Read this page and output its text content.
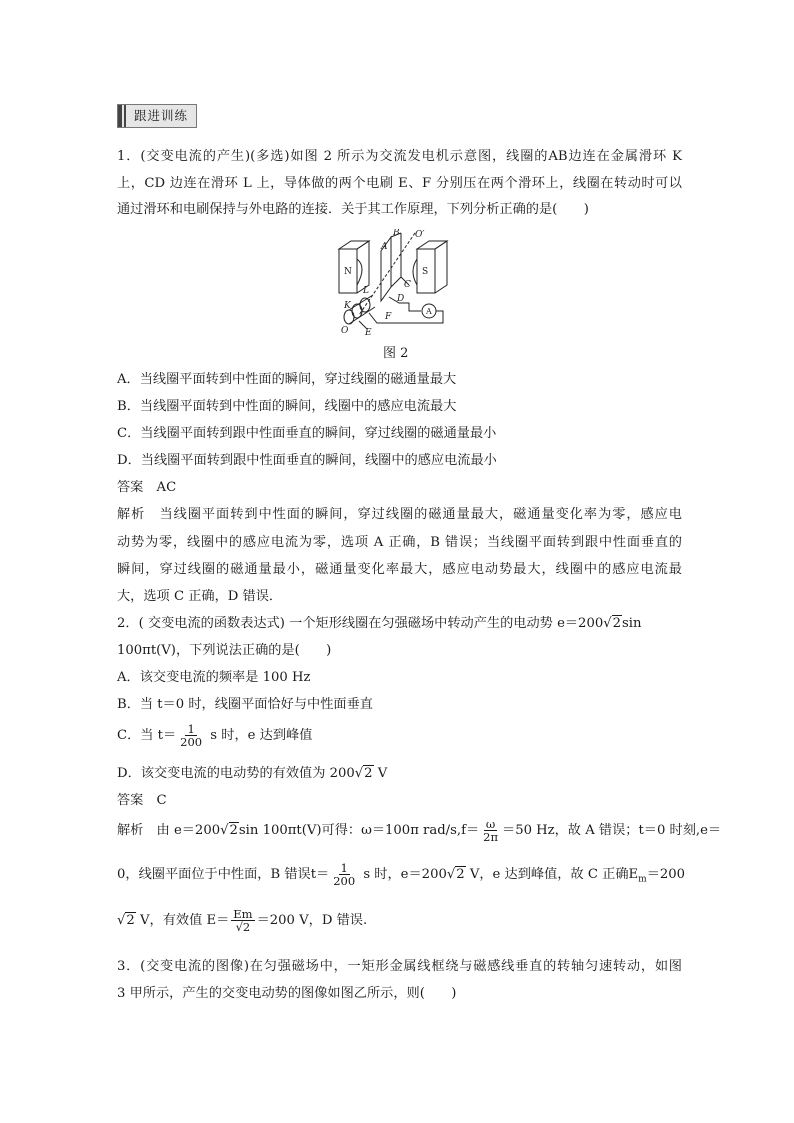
跟进训练
1．(交变电流的产生)(多选)如图 2 所示为交流发电机示意图，线圈的AB边连在金属滑环 K
上，CD 边连在滑环 L 上，导体做的两个电刷 E、F 分别压在两个滑环上，线圈在转动时可以
通过滑环和电刷保持与外电路的连接．关于其工作原理，下列分析正确的是(　　)
N	S
A
B
A
C
D
L
K
F
E
O
O′
图 2
A．当线圈平面转到中性面的瞬间，穿过线圈的磁通量最大
B．当线圈平面转到中性面的瞬间，线圈中的感应电流最大
C．当线圈平面转到跟中性面垂直的瞬间，穿过线圈的磁通量最小
D．当线圈平面转到跟中性面垂直的瞬间，线圈中的感应电流最小
答案　AC
解析　当线圈平面转到中性面的瞬间，穿过线圈的磁通量最大，磁通量变化率为零，感应电
动势为零，线圈中的感应电流为零，选项 A 正确，B 错误；当线圈平面转到跟中性面垂直的
瞬间，穿过线圈的磁通量最小，磁通量变化率最大，感应电动势最大，线圈中的感应电流最
大，选项 C 正确，D 错误．
2．( 交变电流的函数表达式) 一个矩形线圈在匀强磁场中转动产生的电动势 e＝200√2sin
100πt(V)，下列说法正确的是(　　)
A．该交变电流的频率是 100 Hz
B．当 t＝0 时，线圈平面恰好与中性面垂直
C．当 $t= \frac{1}{200}$ s 时，e 达到峰值
D．该交变电流的电动势的有效值为 200√2 V
答案　C
解析　由 e＝200√2sin 100πt(V)可得：ω＝100π $rad/s,f= \frac{\omega}{2\pi} =50$ Hz，故 A 错误；t＝0 时刻,e＝
0，线圈平面位于中性面，B 错误$t= \frac{1}{200}$ s 时，e＝200√2 V，e 达到峰值，故 C 正确$E_m=200$
√2 V，有效值 $E= \frac{Em}{√2} =200$ V，D 错误.
3．(交变电流的图像)在匀强磁场中，一矩形金属线框绕与磁感线垂直的转轴匀速转动，如图
3 甲所示，产生的交变电动势的图像如图乙所示，则(　　)
